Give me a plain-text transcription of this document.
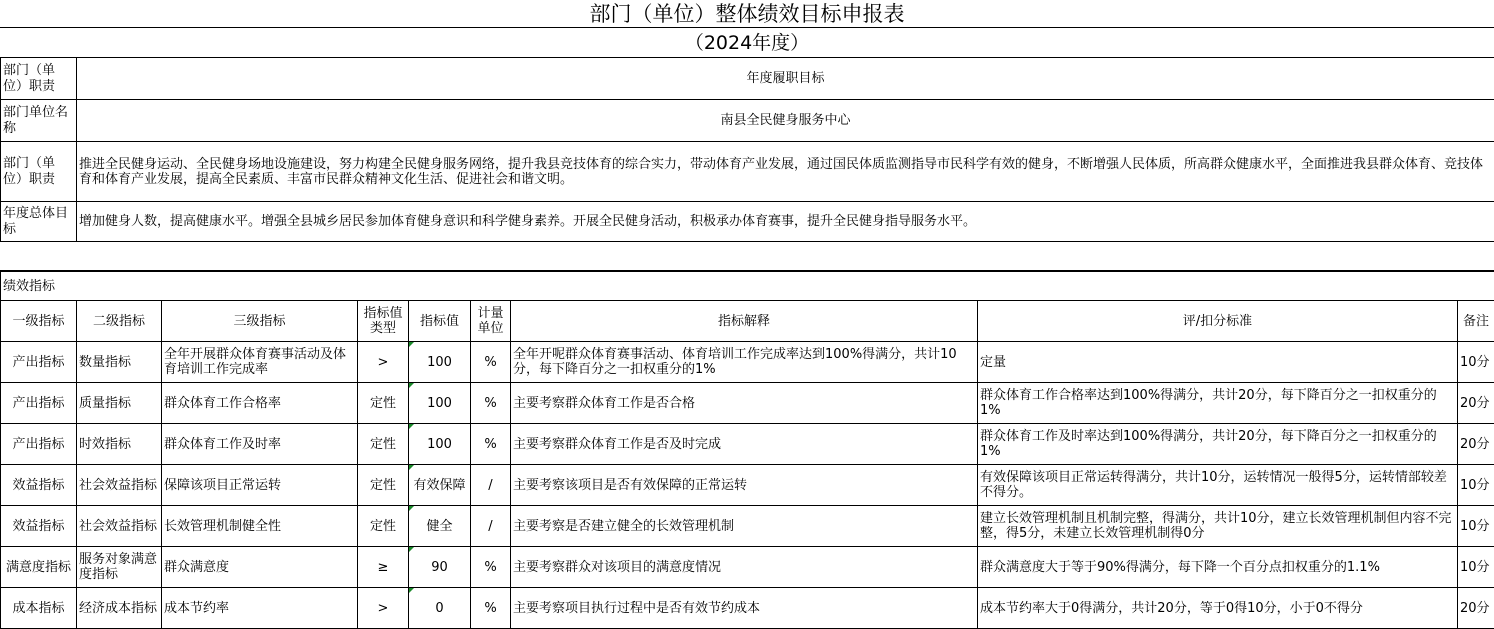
部门（单位）整体绩效目标申报表
（2024年度）
部门（单位）职责	年度履职目标
部门单位名称	南县全民健身服务中心
部门（单位）职责	推进全民健身运动、全民健身场地设施建设，努力构建全民健身服务网络，提升我县竞技体育的综合实力，带动体育产业发展，通过国民体质监测指导市民科学有效的健身，不断增强人民体质，所高群众健康水平，全面推进我县群众体育、竞技体育和体育产业发展，提高全民素质、丰富市民群众精神文化生活、促进社会和谐文明。
年度总体目标	增加健身人数，提高健康水平。增强全县城乡居民参加体育健身意识和科学健身素养。开展全民健身活动，积极承办体育赛事，提升全民健身指导服务水平。
绩效指标								
一级指标	二级指标	三级指标	指标值类型	指标值	计量单位	指标解释	评/扣分标准	备注
产出指标	数量指标	全年开展群众体育赛事活动及体育培训工作完成率	>	100	%	全年开呢群众体育赛事活动、体育培训工作完成率达到100%得满分，共计10分，每下降百分之一扣权重分的1%	定量	10分
产出指标	质量指标	群众体育工作合格率	定性	100	%	主要考察群众体育工作是否合格	群众体育工作合格率达到100%得满分，共计20分，每下降百分之一扣权重分的1%	20分
产出指标	时效指标	群众体育工作及时率	定性	100	%	主要考察群众体育工作是否及时完成	群众体育工作及时率达到100%得满分，共计20分，每下降百分之一扣权重分的1%	20分
效益指标	社会效益指标	保障该项目正常运转	定性	有效保障	/	主要考察该项目是否有效保障的正常运转	有效保障该项目正常运转得满分，共计10分，运转情况一般得5分，运转情部较差不得分。	10分
效益指标	社会效益指标	长效管理机制健全性	定性	健全	/	主要考察是否建立健全的长效管理机制	建立长效管理机制且机制完整，得满分，共计10分，建立长效管理机制但内容不完整，得5分，未建立长效管理机制得0分	10分
满意度指标	服务对象满意度指标	群众满意度	≥	90	%	主要考察群众对该项目的满意度情况	群众满意度大于等于90%得满分，每下降一个百分点扣权重分的1.1%	10分
成本指标	经济成本指标	成本节约率	>	0	%	主要考察项目执行过程中是否有效节约成本	成本节约率大于0得满分，共计20分，等于0得10分，小于0不得分	20分
